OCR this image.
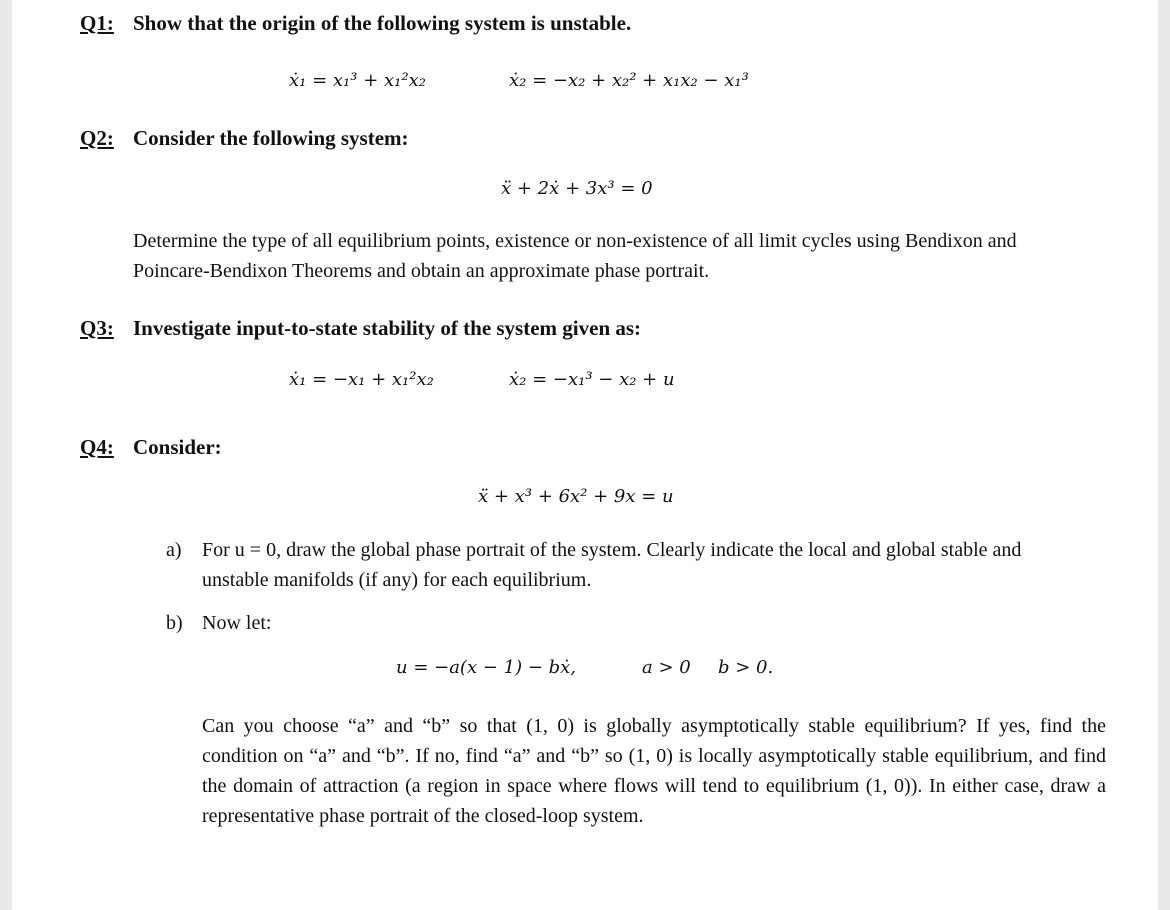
Q1: Show that the origin of the following system is unstable.
ẋ₁ = x₁³ + x₁²x₂	ẋ₂ = −x₂ + x₂² + x₁x₂ − x₁³
Q2: Consider the following system:
ẍ + 2ẋ + 3x³ = 0
Determine the type of all equilibrium points, existence or non-existence of all limit cycles using Bendixon and Poincare-Bendixon Theorems and obtain an approximate phase portrait.
Q3: Investigate input-to-state stability of the system given as:
ẋ₁ = −x₁ + x₁²x₂	ẋ₂ = −x₁³ − x₂ + u
Q4: Consider:
ẍ + x³ + 6x² + 9x = u
a) For u = 0, draw the global phase portrait of the system. Clearly indicate the local and global stable and unstable manifolds (if any) for each equilibrium.
b) Now let:
u = −a(x − 1) − bẋ,	a > 0 b > 0.
Can you choose “a” and “b” so that (1, 0) is globally asymptotically stable equilibrium? If yes, find the condition on “a” and “b”. If no, find “a” and “b” so (1, 0) is locally asymptotically stable equilibrium, and find the domain of attraction (a region in space where flows will tend to equilibrium (1, 0)). In either case, draw a representative phase portrait of the closed-loop system.
